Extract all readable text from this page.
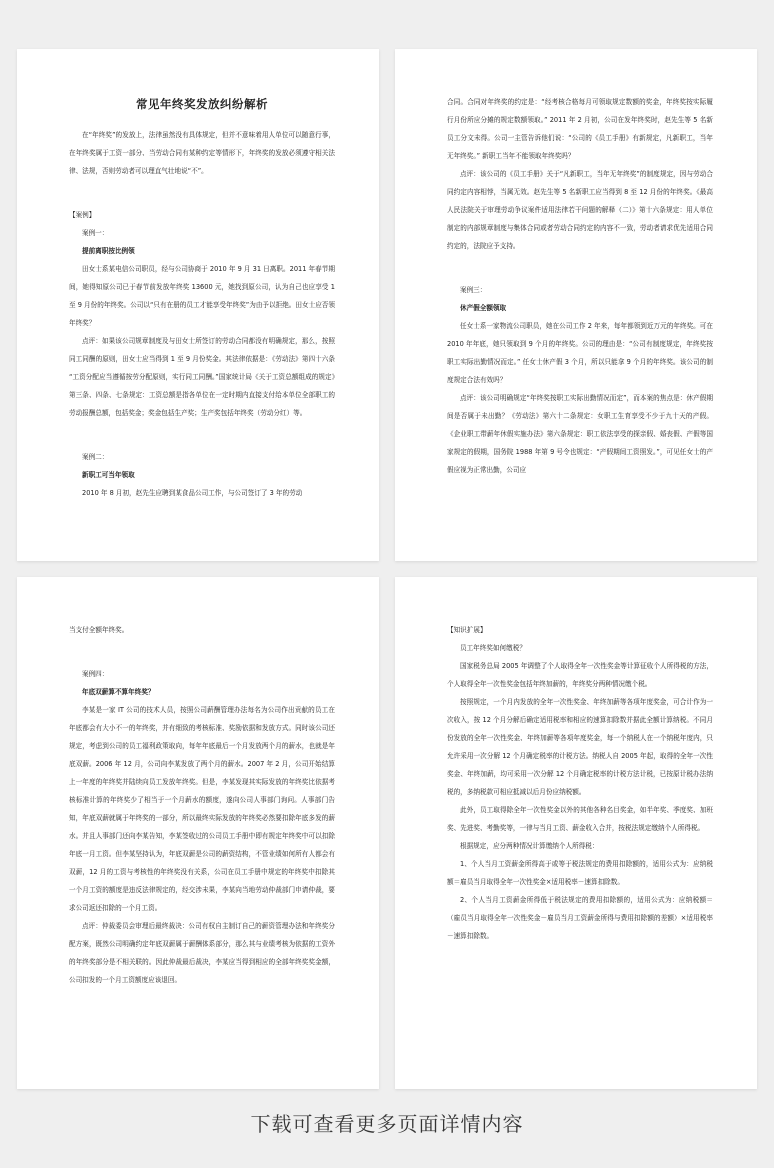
常见年终奖发放纠纷解析

在“年终奖”的发放上，法律虽然没有具体规定，但并不意味着用人单位可以随意行事，在年终奖属于工资一部分、当劳动合同有某种约定等情形下，年终奖的发放必须遵守相关法律、法规，否则劳动者可以理直气壮地说“不”。

【案例】

案例一：

提前离职按比例领

田女士系某电信公司职员，经与公司协商于 2010 年 9 月 31 日离职。2011 年春节期间，她得知原公司已于春节前发放年终奖 13600 元，她找到原公司，认为自己也应享受 1 至 9 月份的年终奖。公司以“只有在册的员工才能享受年终奖”为由予以拒绝。田女士应否领年终奖？

点评：如果该公司规章制度及与田女士所签订的劳动合同都没有明确规定，那么，按照同工同酬的原则，田女士应当得到 1 至 9 月份奖金。其法律依据是：《劳动法》第四十六条 “工资分配应当遵循按劳分配原则，实行同工同酬。”国家统计局《关于工资总额组成的规定》第三条、四条、七条规定：工资总额是指各单位在一定时期内直接支付给本单位全部职工的劳动报酬总额，包括奖金；奖金包括生产奖；生产奖包括年终奖（劳动分红）等。

案例二：

新职工可当年领取

2010 年 8 月初，赵先生应聘到某食品公司工作，与公司签订了 3 年的劳动

合同。合同对年终奖的约定是：“经考核合格每月可领取规定数额的奖金，年终奖按实际履行月份所应分摊的规定数额领取。” 2011 年 2 月初，公司在发年终奖时，赵先生等 5 名新员工分文未得。公司一主管告诉他们说：“公司的《员工手册》有新规定，凡新职工，当年无年终奖。” 新职工当年不能领取年终奖吗？

点评：该公司的《员工手册》关于“凡新职工，当年无年终奖”的制度规定，因与劳动合同约定内容相悖，当属无效。赵先生等 5 名新职工应当得到 8 至 12 月份的年终奖。《最高人民法院关于审理劳动争议案件适用法律若干问题的解释（二）》第十六条规定：用人单位制定的内部规章制度与集体合同或者劳动合同约定的内容不一致，劳动者请求优先适用合同约定的，法院应予支持。

案例三：

休产假全额领取

任女士系一家物流公司职员，她在公司工作 2 年来，每年都领到近万元的年终奖。可在 2010 年年底，她只领取到 9 个月的年终奖。公司的理由是：“公司有制度规定，年终奖按职工实际出勤情况而定。” 任女士休产假 3 个月，所以只能拿 9 个月的年终奖。该公司的制度规定合法有效吗？

点评：该公司明确规定“年终奖按职工实际出勤情况而定”，而本案的焦点是：休产假期间是否属于未出勤？《劳动法》第六十二条规定：女职工生育享受不少于九十天的产假。《企业职工带薪年休假实施办法》第六条规定：职工依法享受的探亲假、婚丧假、产假等国家规定的假期，国务院 1988 年第 9 号令也规定：“产假期间工资照发。”，可见任女士的产假应视为正常出勤，公司应

当支付全额年终奖。

案例四：

年底双薪算不算年终奖？

李某是一家 IT 公司的技术人员，按照公司薪酬管理办法每名为公司作出贡献的员工在年底都会有大小不一的年终奖，并有细致的考核标准、奖励依据和发放方式。同时该公司还规定，考虑到公司的员工福利政策取向，每年年底最后一个月发放两个月的薪水，也就是年底双薪。2006 年 12 月，公司向李某发放了两个月的薪水。2007 年 2 月，公司开始结算上一年度的年终奖并陆续向员工发放年终奖。但是，李某发现其实际发放的年终奖比依据考核标准计算的年终奖少了相当于一个月薪水的额度，遂向公司人事部门询问。人事部门告知，年底双薪就属于年终奖的一部分，所以最终实际发放的年终奖必然要扣除年底多发的薪水。并且人事部门还向李某告知，李某签收过的公司员工手册中即有规定年终奖中可以扣除年底一月工资。但李某坚持认为，年底双薪是公司的薪资结构，不管业绩如何所有人都会有双薪，12 月的工资与考核性的年终奖没有关系，公司在员工手册中规定的年终奖中扣除其一个月工资的额度是违反法律规定的，经交涉未果，李某向当地劳动仲裁部门申请仲裁，要求公司返还扣除的一个月工资。

点评：仲裁委员会审理后最终裁决：公司有权自主制订自己的薪资管理办法和年终奖分配方案，既然公司明确约定年底双薪属于薪酬体系部分，那么其与业绩考核为依据的工资外的年终奖部分是不相关联的。因此仲裁最后裁决，李某应当得到相应的全部年终奖奖金额，公司扣发的一个月工资额度应该退回。

【知识扩展】

员工年终奖如何缴税？

国家税务总局 2005 年调整了个人取得全年一次性奖金等计算征收个人所得税的方法，个人取得全年一次性奖金包括年终加薪的，年终奖分两种情况缴个税。

按照规定，一个月内发放的全年一次性奖金、年终加薪等各项年度奖金，可合计作为一次收入，按 12 个月分解后确定适用税率和相应的速算扣除数并据此全额计算纳税。不同月份发放的全年一次性奖金、年终加薪等各项年度奖金，每一个纳税人在一个纳税年度内，只允许采用一次分解 12 个月确定税率的计税方法。纳税人自 2005 年起，取得的全年一次性奖金、年终加薪，均可采用一次分解 12 个月确定税率的计税方法计税，已按原计税办法纳税的，多纳税款可相应抵减以后月份应纳税额。

此外，员工取得除全年一次性奖金以外的其他各种名目奖金，如半年奖、季度奖、加班奖、先进奖、考勤奖等，一律与当月工资、薪金收入合并，按税法规定缴纳个人所得税。

根据规定，应分两种情况计算缴纳个人所得税：

1、个人当月工资薪金所得高于或等于税法规定的费用扣除额的，适用公式为：应纳税额＝雇员当月取得全年一次性奖金×适用税率－速算扣除数。

2、个人当月工资薪金所得低于税法规定的费用扣除额的，适用公式为：应纳税额＝（雇员当月取得全年一次性奖金－雇员当月工资薪金所得与费用扣除额的差额）×适用税率－速算扣除数。

下载可查看更多页面详情内容
